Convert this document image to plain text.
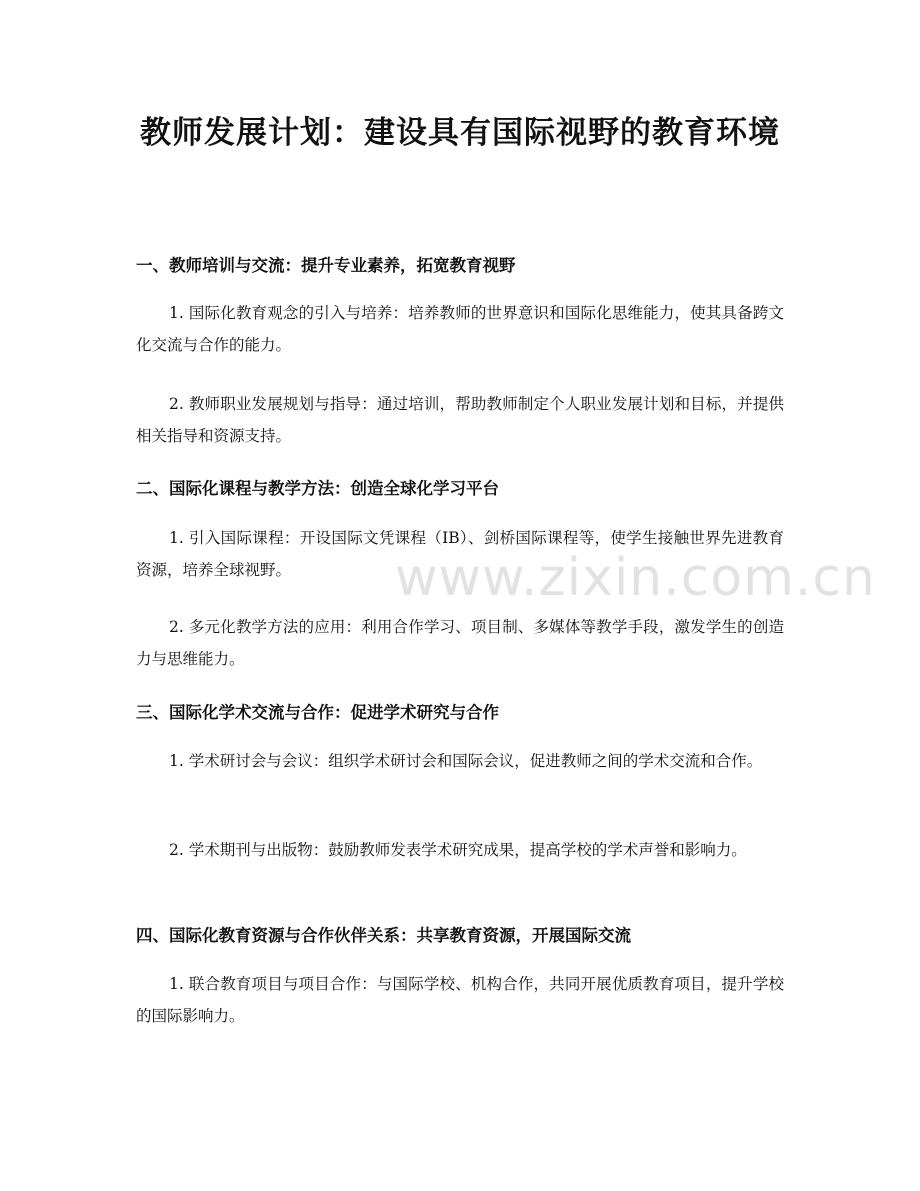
教师发展计划：建设具有国际视野的教育环境
一、教师培训与交流：提升专业素养，拓宽教育视野

1. 国际化教育观念的引入与培养：培养教师的世界意识和国际化思维能力，使其具备跨文化交流与合作的能力。

2. 教师职业发展规划与指导：通过培训，帮助教师制定个人职业发展计划和目标，并提供相关指导和资源支持。

二、国际化课程与教学方法：创造全球化学习平台

1. 引入国际课程：开设国际文凭课程（IB）、剑桥国际课程等，使学生接触世界先进教育资源，培养全球视野。

2. 多元化教学方法的应用：利用合作学习、项目制、多媒体等教学手段，激发学生的创造力与思维能力。

三、国际化学术交流与合作：促进学术研究与合作

1. 学术研讨会与会议：组织学术研讨会和国际会议，促进教师之间的学术交流和合作。

2. 学术期刊与出版物：鼓励教师发表学术研究成果，提高学校的学术声誉和影响力。

四、国际化教育资源与合作伙伴关系：共享教育资源，开展国际交流

1. 联合教育项目与项目合作：与国际学校、机构合作，共同开展优质教育项目，提升学校的国际影响力。

www.zixin.com.cn
